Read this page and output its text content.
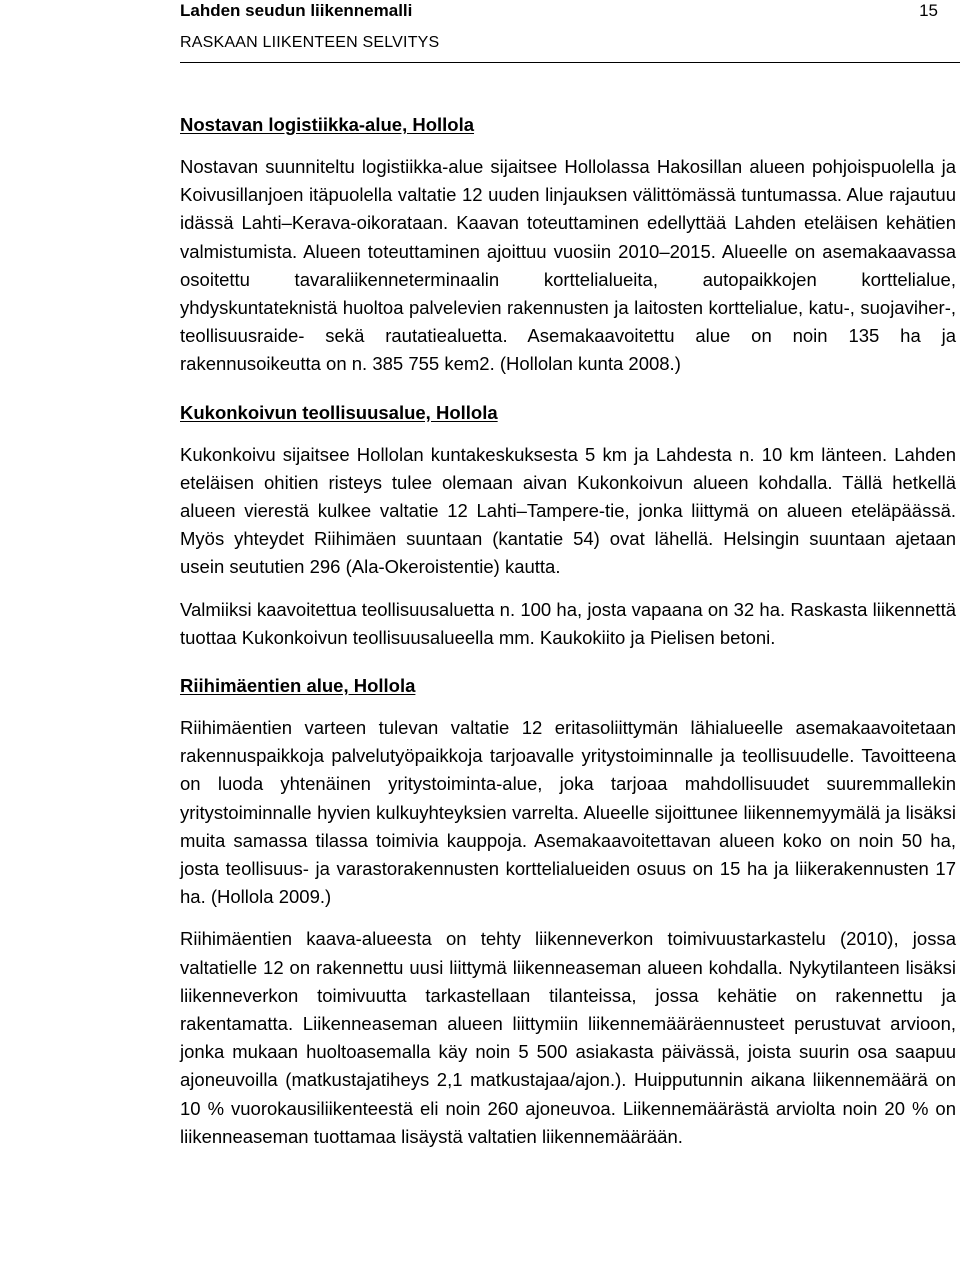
Lahden seudun liikennemalli	15
RASKAAN LIIKENTEEN SELVITYS
Nostavan logistiikka-alue, Hollola

Nostavan suunniteltu logistiikka-alue sijaitsee Hollolassa Hakosillan alueen pohjoispuolella ja Koivusillanjoen itäpuolella valtatie 12 uuden linjauksen välittömässä tuntumassa. Alue rajautuu idässä Lahti–Kerava-oikorataan. Kaavan toteuttaminen edellyttää Lahden eteläisen kehätien valmistumista. Alueen toteuttaminen ajoittuu vuosiin 2010–2015. Alueelle on asemakaavassa osoitettu tavaraliikenneterminaalin korttelialueita, autopaikkojen korttelialue, yhdyskuntateknistä huoltoa palvelevien rakennusten ja laitosten korttelialue, katu-, suojaviher-, teollisuusraide- sekä rautatiealuetta. Asemakaavoitettu alue on noin 135 ha ja rakennusoikeutta on n. 385 755 kem2. (Hollolan kunta 2008.)

Kukonkoivun teollisuusalue, Hollola

Kukonkoivu sijaitsee Hollolan kuntakeskuksesta 5 km ja Lahdesta n. 10 km länteen. Lahden eteläisen ohitien risteys tulee olemaan aivan Kukonkoivun alueen kohdalla. Tällä hetkellä alueen vierestä kulkee valtatie 12 Lahti–Tampere-tie, jonka liittymä on alueen eteläpäässä. Myös yhteydet Riihimäen suuntaan (kantatie 54) ovat lähellä. Helsingin suuntaan ajetaan usein seututien 296 (Ala-Okeroistentie) kautta.

Valmiiksi kaavoitettua teollisuusaluetta n. 100 ha, josta vapaana on 32 ha. Raskasta liikennettä tuottaa Kukonkoivun teollisuusalueella mm. Kaukokiito ja Pielisen betoni.

Riihimäentien alue, Hollola

Riihimäentien varteen tulevan valtatie 12 eritasoliittymän lähialueelle asemakaavoitetaan rakennuspaikkoja palvelutyöpaikkoja tarjoavalle yritystoiminnalle ja teollisuudelle. Tavoitteena on luoda yhtenäinen yritystoiminta-alue, joka tarjoaa mahdollisuudet suuremmallekin yritystoiminnalle hyvien kulkuyhteyksien varrelta. Alueelle sijoittunee liikennemyymälä ja lisäksi muita samassa tilassa toimivia kauppoja. Asemakaavoitettavan alueen koko on noin 50 ha, josta teollisuus- ja varastorakennusten korttelialueiden osuus on 15 ha ja liikerakennusten 17 ha. (Hollola 2009.)

Riihimäentien kaava-alueesta on tehty liikenneverkon toimivuustarkastelu (2010), jossa valtatielle 12 on rakennettu uusi liittymä liikenneaseman alueen kohdalla. Nykytilanteen lisäksi liikenneverkon toimivuutta tarkastellaan tilanteissa, jossa kehätie on rakennettu ja rakentamatta. Liikenneaseman alueen liittymiin liikennemääräennusteet perustuvat arvioon, jonka mukaan huoltoasemalla käy noin 5 500 asiakasta päivässä, joista suurin osa saapuu ajoneuvoilla (matkustajatiheys 2,1 matkustajaa/ajon.). Huipputunnin aikana liikennemäärä on 10 % vuorokausiliikenteestä eli noin 260 ajoneuvoa. Liikennemäärästä arviolta noin 20 % on liikenneaseman tuottamaa lisäystä valtatien liikennemäärään.
